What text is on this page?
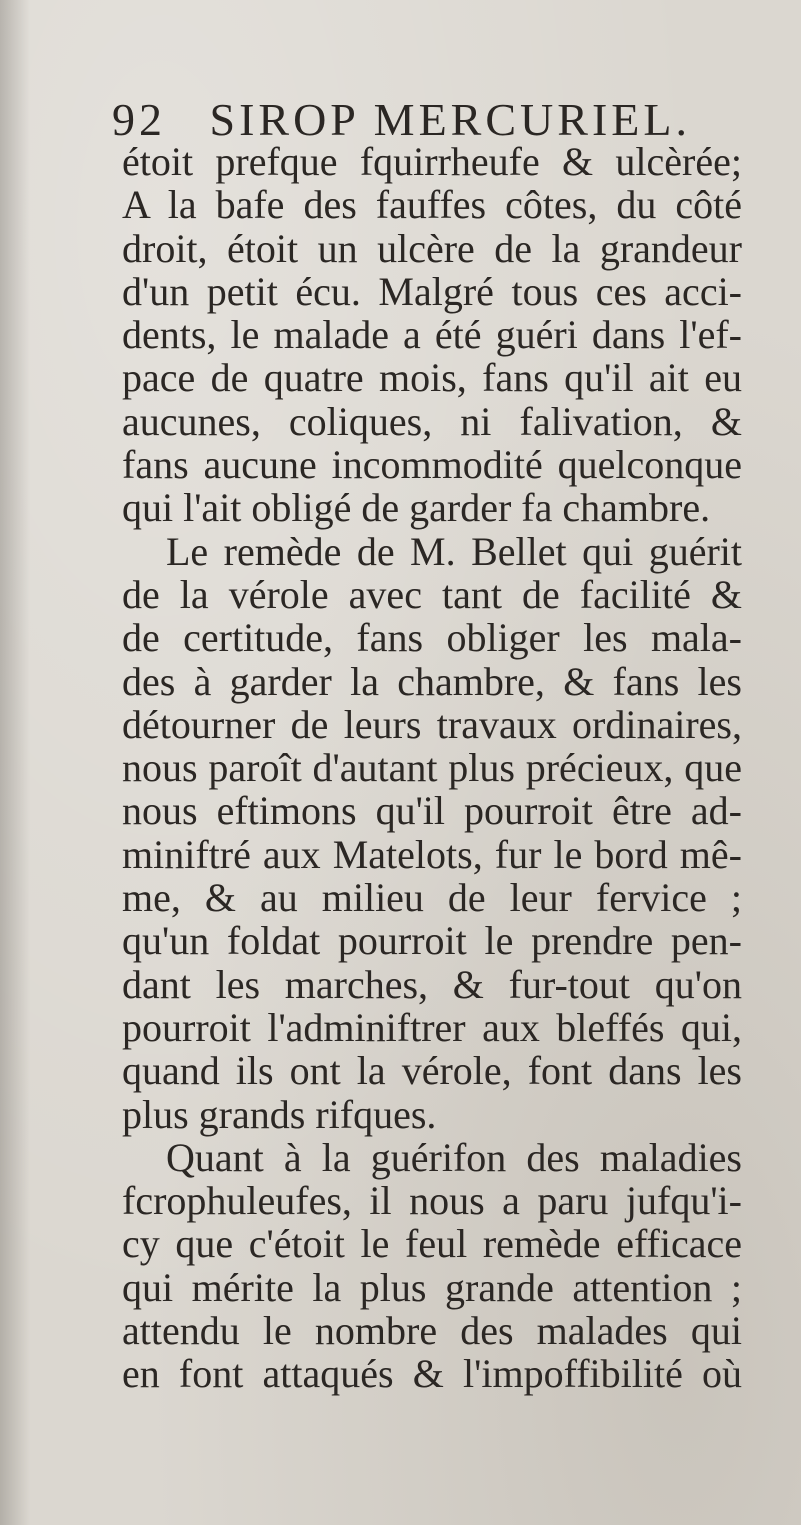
92 SIROP MERCURIEL.
étoit prefque fquirrheufe & ulcèrée;
A la bafe des fauffes côtes, du côté
droit, étoit un ulcère de la grandeur
d'un petit écu. Malgré tous ces acci-
dents, le malade a été guéri dans l'ef-
pace de quatre mois, fans qu'il ait eu
aucunes, coliques, ni falivation, &
fans aucune incommodité quelconque
qui l'ait obligé de garder fa chambre.
Le remède de M. Bellet qui guérit
de la vérole avec tant de facilité &
de certitude, fans obliger les mala-
des à garder la chambre, & fans les
détourner de leurs travaux ordinaires,
nous paroît d'autant plus précieux, que
nous eftimons qu'il pourroit être ad-
miniftré aux Matelots, fur le bord mê-
me, & au milieu de leur fervice ;
qu'un foldat pourroit le prendre pen-
dant les marches, & fur-tout qu'on
pourroit l'adminiftrer aux bleffés qui,
quand ils ont la vérole, font dans les
plus grands rifques.
Quant à la guérifon des maladies
fcrophuleufes, il nous a paru jufqu'i-
cy que c'étoit le feul remède efficace
qui mérite la plus grande attention ;
attendu le nombre des malades qui
en font attaqués & l'impoffibilité où
